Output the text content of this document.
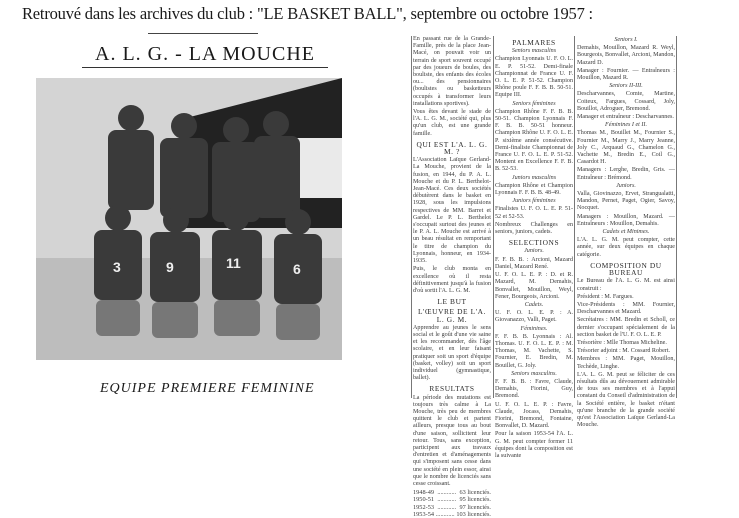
Retrouvé dans les archives du club : "LE BASKET BALL", septembre ou octobre 1957 :
A. L. G. - LA MOUCHE
3	9	11	6
EQUIPE PREMIERE FEMININE

En passant rue de la Grande-Famille, près de la place Jean-Macé, on pouvait voir un terrain de sport souvent occupé par des joueurs de boules, des bouliste, des enfants des écoles ou... des pensionnaires (boulistes ou basketteurs occupés à transformer leurs installations sportives).

Vous êtes devant le stade de l'A. L. G. M., société qui, plus qu'un club, est une grande famille.

QUI EST L'A. L. G. M. ?

L'Association Laïque Gerland-La Mouche, provient de la fusion, en 1944, du P. A. L. Mouche et du P. L. Berthelot-Jean-Macé. Ces deux sociétés débutèrent dans le basket en 1928, sous les impulsions respectives de MM. Barret et Gardel. Le P. L. Berthelot s'occupait surtout des jeunes et le P. A. L. Mouche est arrivé à un beau résultat en remportant le titre de champion du Lyonnais, honneur, en 1934-1935.

Puis, le club monta en excellence où il resta définitivement jusqu'à la fusion d'où sortit l'A. L. G. M.

LE BUT
L'ŒUVRE DE L'A. L. G. M.

Apprendre au jeunes le sens social et le goût d'une vie saine et les recommander, dès l'âge scolaire, et en leur faisant pratiquer soit un sport d'équipe (basket, volley) soit un sport individuel (gymnastique, ballet).

RESULTATS

La période des mutations est toujours très calme à La Mouche, très peu de membres quittent le club et partent ailleurs, presque tous au bout d'une saison, sollicitent leur retour. Tous, sans exception, participent aux travaux d'entretien et d'aménagements qui s'imposent sans cesse dans une société en plein essor, ainsi que le nombre de licenciés sans cesse croissant.

1948-49 ............ 63 licenciés.
1950-51 ............ 95 licenciés.
1952-53 ............ 97 licenciés.
1953-54 ............ 103 licenciés.
PALMARES
Seniors masculins

Champion Lyonnais U. F. O. L. E. P. 51-52. Demi-finale Championnat de France U. F. O. L. E. P. 51-52. Champion Rhône poule F. F. B. B. 50-51. Equipe III.

Seniors féminines

Champion Rhône F. F. B. B. 50-51. Champion Lyonnais F. F. B. B. 50-51 honneur. Champion Rhône U. F. O. L. E. P. sixième année consécutive. Demi-finaliste Championnat de France U. F. O. L. E. P. 51-52. Montent en Excellence F. F. B. B. 52-53.

Juniors masculins

Champion Rhône et Champion Lyonnais F. F. B. B. 48-49.

Juniors féminines

Finalistes U. F. O. L. E. P. 51-52 et 52-53.

Nombreux Challenges en seniors, juniors, cadets.

SELECTIONS
Juniors.

F. F. B. B. : Arcioni, Mazard Daniel, Mazard René.

U. F. O. L. E. P. : D. et R. Mazard, M. Demahis, Bonvallet, Mouillon, Weyl, Fener, Bourgeois, Arcioni.

Cadets.

U. F. O. L. E. P. : A. Giovanazzo, Valli, Paget.

Féminines.

F. F. B. B. Lyonnais : Al. Thomas. U. F. O. L. E. P. : M. Thomas, M. Vachette, S. Fournier, E. Bredin, M. Bouillet, G. Joly.

Seniors masculins.

F. F. B. B. : Favre, Claude, Demahis, Fiorini, Guy, Bremond.

U. F. O. L. E. P. : Favre, Claude, Jocass, Demahis, Fiorini, Bremond, Fontaine, Bonvallet, D. Mazard.

Pour la saison 1953-54 l'A. L. G. M. peut compter former 11 équipes dont la composition est la suivante

Seniors I.

Demahis, Mouillon, Mazard R. Weyl, Bourgeois, Bonvallet, Arcioni, Mandon, Mazard D.

Manager : Fournier. — Entraîneurs : Mouillon, Mazard R.

Seniors II-III.

Descharvannes, Comte, Martine, Coiteux, Fargues, Cossard, Joly, Bouillot, Adroguer, Bremond.

Manager et entraîneur : Descharvannes.

Féminines I et II.

Thomas M., Bouillet M., Fournier S., Fournier M., Marry J., Marry Jeanne, Joly C., Arquaud G., Chamelon G., Vachette M., Bredin E., Coil G., Casardot H.

Managers : Lerghe, Bredin, Gris. — Entraîneur : Brémond.

Juniors.

Valla, Giovinazzo, Ervet, Strangualatti, Mandon, Pernet, Paget, Ogier, Savoy, Nocquet.

Managers : Mouillon, Mazard. — Entraîneurs : Mouillon, Demahis.

Cadets et Minimes.

L'A. L. G. M. peut compter, cette année, sur deux équipes en chaque catégorie.

COMPOSITION DU BUREAU

Le Bureau de l'A. L. G. M. est ainsi construit :

Président : M. Fargues.

Vice-Présidents : MM. Fournier, Descharvannes et Mazard.

Secrétaires : MM. Bredin et Scholl, ce dernier s'occupant spécialement de la section basket de l'U. F. O. L. E. P.

Trésorière : Mlle Thomas Micheline.

Trésorier adjoint : M. Cossard Robert.

Membres : MM. Paget, Mouillon, Techède, Linghe.

L'A. L. G. M. peut se féliciter de ces résultats dûs au dévouement admirable de tous ses membres et à l'appui constant du Conseil d'administration de la Société entière, le basket n'étant qu'une branche de la grande société qu'est l'Association Laïque Gerland-La Mouche.
